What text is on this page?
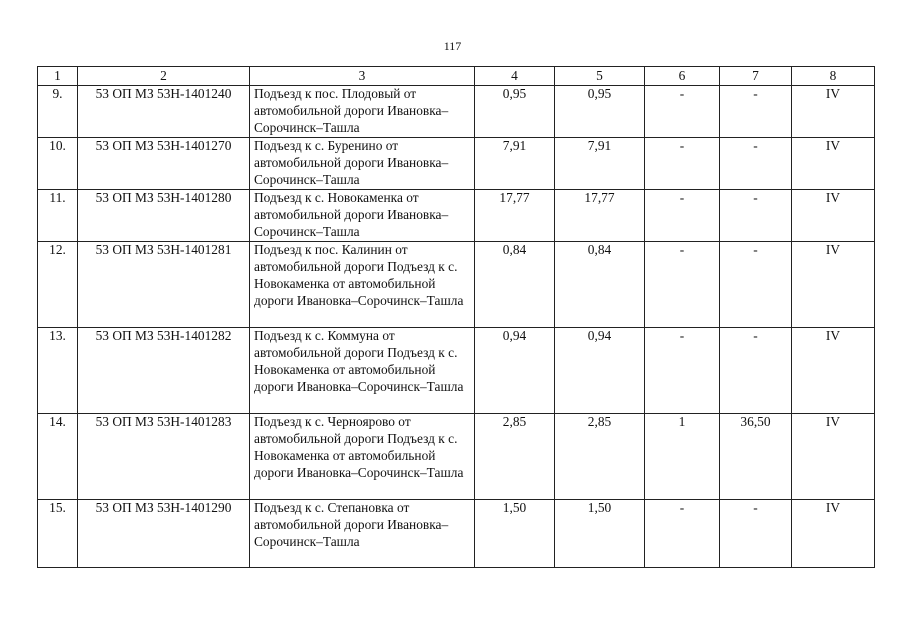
117
1	2	3	4	5	6	7	8
9.	53 ОП МЗ 53Н-1401240	Подъезд к пос. Плодовый от автомобильной дороги Ивановка–Сорочинск–Ташла	0,95	0,95	-	-	IV
10.	53 ОП МЗ 53Н-1401270	Подъезд к с. Буренино от автомобильной дороги Ивановка–Сорочинск–Ташла	7,91	7,91	-	-	IV
11.	53 ОП МЗ 53Н-1401280	Подъезд к с. Новокаменка от автомобильной дороги Ивановка–Сорочинск–Ташла	17,77	17,77	-	-	IV
12.	53 ОП МЗ 53Н-1401281	Подъезд к пос. Калинин от автомобильной дороги Подъезд к с. Новокаменка от автомобильной дороги Ивановка–Сорочинск–Ташла	0,84	0,84	-	-	IV
13.	53 ОП МЗ 53Н-1401282	Подъезд к с. Коммуна от автомобильной дороги Подъезд к с. Новокаменка от автомобильной дороги Ивановка–Сорочинск–Ташла	0,94	0,94	-	-	IV
14.	53 ОП МЗ 53Н-1401283	Подъезд к с. Черноярово от автомобильной дороги Подъезд к с. Новокаменка от автомобильной дороги Ивановка–Сорочинск–Ташла	2,85	2,85	1	36,50	IV
15.	53 ОП МЗ 53Н-1401290	Подъезд к с. Степановка от автомобильной дороги Ивановка–Сорочинск–Ташла	1,50	1,50	-	-	IV
